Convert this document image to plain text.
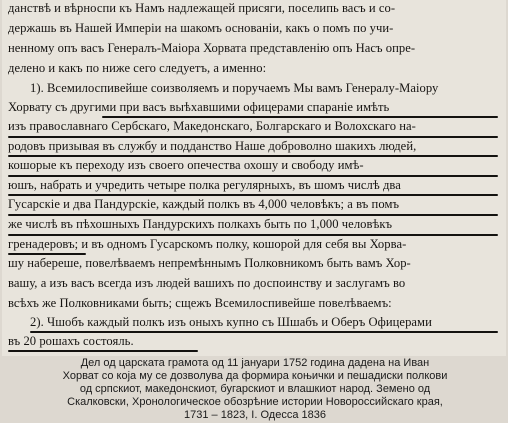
данствѣ и вѣрноспи къ Намъ надлежащей присяги, поселипь васъ и со-
держашь въ Нашей Имперіи на шакомъ основаніи, какъ о помъ по учи-
ненному опъ васъ Генералъ-Маіора Хорвата представленію опъ Насъ опре-
делено и какъ по ниже сего следуетъ, а именно:
1). Всемилоспивейше соизволяемъ и поручаемъ Мы вамъ Генералу-Маіору
Хорвату съ другими при васъ выѣхавшими офицерами спараніе имѣть
изъ православнаго Сербскаго, Македонскаго, Болгарскаго и Волохскаго на-
родовъ призывая въ службу и подданство Наше доброволно шакихъ людей,
кошорые къ переходу изъ своего опечества охошу и свободу имѣ-
юшъ, набрать и учредить четыре полка регулярныхъ, въ шомъ числѣ два
Гусарскіе и два Пандурскіе, каждый полкъ въ 4,000 человѣкъ; а въ помъ
же числѣ въ пѣхошныхъ Пандурскихъ полкахъ быть по 1,000 человѣкъ
гренадеровъ; и въ одномъ Гусарскомъ полку, кошорой для себя вы Хорва-
шу набереше, повелѣваемъ непремѣннымъ Полковникомъ быть вамъ Хор-
вашу, а изъ васъ всегда изъ людей вашихъ по доспоинству и заслугамъ во
всѣхъ же Полковниками быть; сщежъ Всемилоспивейше повелѣваемъ:
2). Чшобъ каждый полкъ изъ оныхъ купно съ Шшабъ и Оберъ Офицерами
въ 20 рошахъ состояль.
Дел од царската грамота од 11 јануари 1752 година дадена на Иван
Хорват со која му се дозволува да формира коњички и пешадиски полкови
од српскиот, македонскиот, бугарскиот и влашкиот народ. Земено од
Скалковски, Хронологическое обозрѣние истории Новороссийскаго края,
1731 – 1823, I. Одесса 1836
